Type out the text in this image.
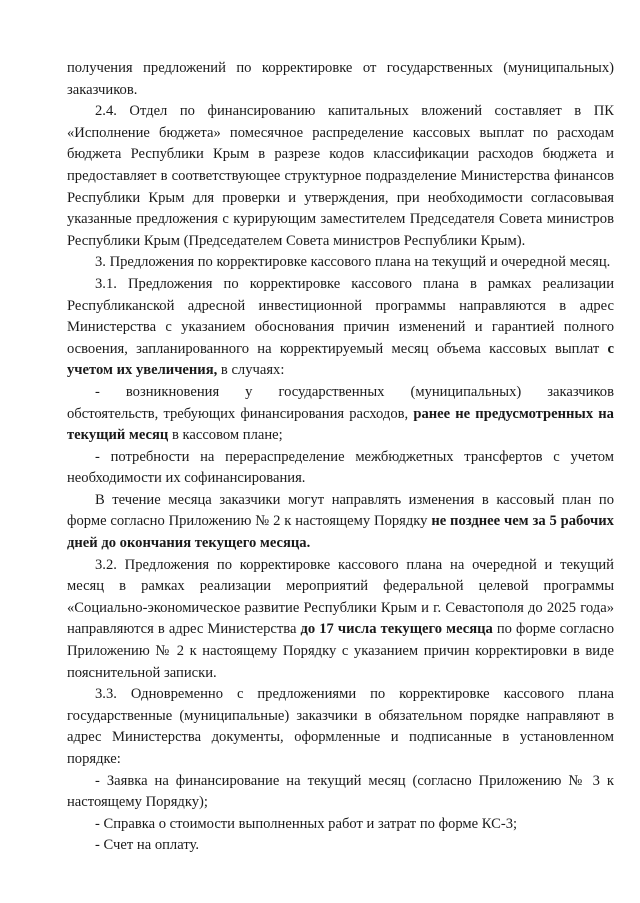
получения предложений по корректировке от государственных (муниципальных) заказчиков.

2.4. Отдел по финансированию капитальных вложений составляет в ПК «Исполнение бюджета» помесячное распределение кассовых выплат по расходам бюджета Республики Крым в разрезе кодов классификации расходов бюджета и предоставляет в соответствующее структурное подразделение Министерства финансов Республики Крым для проверки и утверждения, при необходимости согласовывая указанные предложения с курирующим заместителем Председателя Совета министров Республики Крым (Председателем Совета министров Республики Крым).

3. Предложения по корректировке кассового плана на текущий и очередной месяц.

3.1. Предложения по корректировке кассового плана в рамках реализации Республиканской адресной инвестиционной программы направляются в адрес Министерства с указанием обоснования причин изменений и гарантией полного освоения, запланированного на корректируемый месяц объема кассовых выплат с учетом их увеличения, в случаях:

- возникновения у государственных (муниципальных) заказчиков

обстоятельств, требующих финансирования расходов, ранее не предусмотренных на текущий месяц в кассовом плане;

- потребности на перераспределение межбюджетных трансфертов с учетом необходимости их софинансирования.

В течение месяца заказчики могут направлять изменения в кассовый план по форме согласно Приложению № 2 к настоящему Порядку не позднее чем за 5 рабочих дней до окончания текущего месяца.

3.2. Предложения по корректировке кассового плана на очередной и текущий месяц в рамках реализации мероприятий федеральной целевой программы «Социально-экономическое развитие Республики Крым и г. Севастополя до 2025 года» направляются в адрес Министерства до 17 числа текущего месяца по форме согласно Приложению № 2 к настоящему Порядку с указанием причин корректировки в виде пояснительной записки.

3.3. Одновременно с предложениями по корректировке кассового плана государственные (муниципальные) заказчики в обязательном порядке направляют в адрес Министерства документы, оформленные и подписанные в установленном порядке:

- Заявка на финансирование на текущий месяц (согласно Приложению № 3 к настоящему Порядку);

- Справка о стоимости выполненных работ и затрат по форме КС-3;

- Счет на оплату.
